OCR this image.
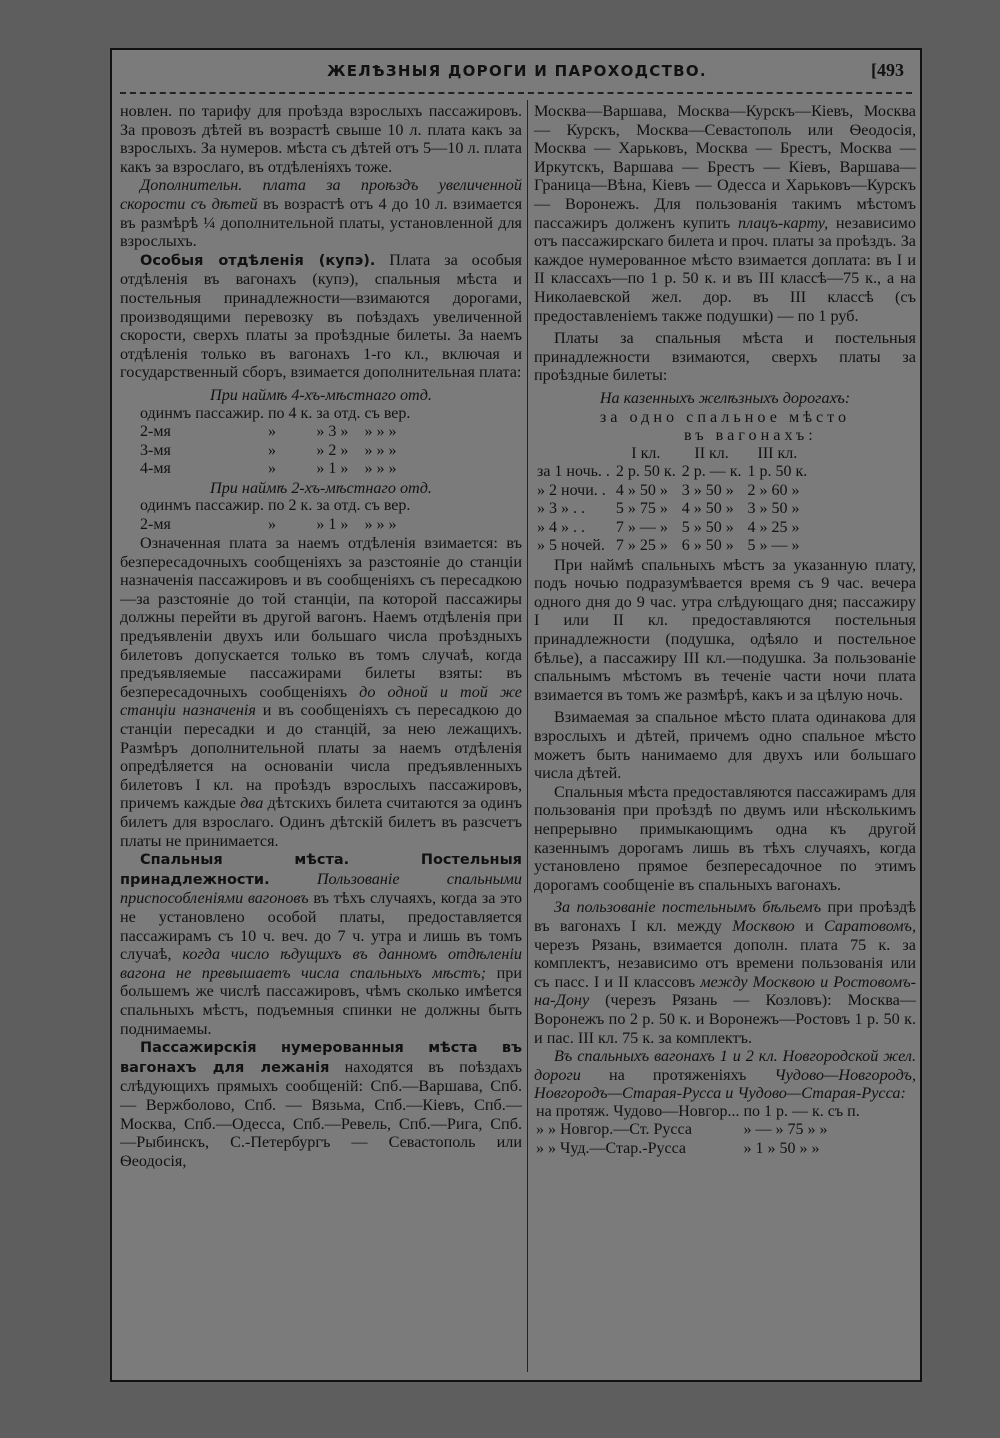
ЖЕЛѢЗНЫЯ ДОРОГИ И ПАРОХОДСТВО.	[493

новлен. по тарифу для проѣзда взрослыхъ пассажировъ. За провозъ дѣтей въ возрастѣ свыше 10 л. плата какъ за взрослыхъ. За нумеров. мѣста съ дѣтей отъ 5—10 л. плата какъ за взрослаго, въ отдѣленіяхъ тоже.

Дополнительн. плата за проѣздъ увеличенной скорости съ дѣтей въ возрастѣ отъ 4 до 10 л. взимается въ размѣрѣ ¼ дополнительной платы, установленной для взрослыхъ.

Особыя отдѣленія (купэ). Плата за особыя отдѣленія въ вагонахъ (купэ), спальныя мѣста и постельныя принадлежности—взимаются дорогами, производящими перевозку въ поѣздахъ увеличенной скорости, сверхъ платы за проѣздные билеты. За наемъ отдѣленія только въ вагонахъ 1-го кл., включая и государственный сборъ, взимается дополнительная плата:

При наймѣ 4-хъ-мѣстнаго отд.

одинмъ пассажир.	по 4 к.	за отд.	съ вер.
2-мя	»	» 3 »	» » »
3-мя	»	» 2 »	» » »
4-мя	»	» 1 »	» » »

При наймѣ 2-хъ-мѣстнаго отд.

одинмъ пассажир.	по 2 к.	за отд.	съ вер.
2-мя	»	» 1 »	» » »

Означенная плата за наемъ отдѣленія взимается: въ безпересадочныхъ сообщеніяхъ за разстояніе до станціи назначенія пассажировъ и въ сообщеніяхъ съ пересадкою—за разстояніе до той станціи, па которой пассажиры должны перейти въ другой вагонъ. Наемъ отдѣленія при предъявленіи двухъ или большаго числа проѣздныхъ билетовъ допускается только въ томъ случаѣ, когда предъявляемые пассажирами билеты взяты: въ безпересадочныхъ сообщеніяхъ до одной и той же станціи назначенія и въ сообщеніяхъ съ пересадкою до станціи пересадки и до станцій, за нею лежащихъ. Размѣръ дополнительной платы за наемъ отдѣленія опредѣляется на основаніи числа предъявленныхъ билетовъ I кл. на проѣздъ взрослыхъ пассажировъ, причемъ каждые два дѣтскихъ билета считаются за одинъ билетъ для взрослаго. Одинъ дѣтскій билетъ въ разсчетъ платы не принимается.

Спальныя мѣста. Постельныя принадлежности.	Пользованіе спальными приспособленіями вагоновъ въ тѣхъ случаяхъ, когда за это не установлено особой платы, предоставляется пассажирамъ съ 10 ч. веч. до 7 ч. утра и лишь въ томъ случаѣ, когда число ѣдущихъ въ данномъ отдѣленіи вагона не превышаетъ числа спальныхъ мѣстъ; при большемъ же числѣ пассажировъ, чѣмъ сколько имѣется спальныхъ мѣстъ, подъемныя спинки не должны быть поднимаемы.

Пассажирскія нумерованныя мѣста въ вагонахъ для лежанія находятся въ поѣздахъ слѣдующихъ прямыхъ сообщеній: Спб.—Варшава, Спб. — Вержболово, Спб. — Вязьма, Спб.—Кіевъ, Спб.—Москва, Спб.—Одесса, Спб.—Ревель, Спб.—Рига, Спб.—Рыбинскъ, С.-Петербургъ — Севастополь или Ѳеодосія,

Москва—Варшава, Москва—Курскъ—Кіевъ, Москва — Курскъ, Москва—Севастополь или Ѳеодосія, Москва — Харьковъ, Москва — Брестъ, Москва — Иркутскъ, Варшава — Брестъ — Кіевъ, Варшава—Граница—Вѣна, Кіевъ — Одесса и Харьковъ—Курскъ — Воронежъ. Для пользованія такимъ мѣстомъ пассажиръ долженъ купить плацъ-карту, независимо отъ пассажирскаго билета и проч. платы за проѣздъ. За каждое нумерованное мѣсто взимается доплата: въ I и II классахъ—по 1 р. 50 к. и въ III классѣ—75 к., а на Николаевской жел. дор. въ III классѣ (съ предоставленіемъ также подушки) — по 1 руб.

Платы за спальныя мѣста и постельныя принадлежности взимаются, сверхъ платы за проѣздные билеты:

На казенныхъ желѣзныхъ дорогахъ:

за одно спальное мѣсто

въ вагонахъ:

	I кл.	II кл.	III кл.
за 1 ночь. .	2 р. 50 к.	2 р. — к.	1 р. 50 к.
» 2 ночи. .	4 » 50 »	3 » 50 »	2 » 60 »
» 3 » . .	5 » 75 »	4 » 50 »	3 » 50 »
» 4 » . .	7 » — »	5 » 50 »	4 » 25 »
» 5 ночей.	7 » 25 »	6 » 50 »	5 » — »

При наймѣ спальныхъ мѣстъ за указанную плату, подъ ночью подразумѣвается время съ 9 час. вечера одного дня до 9 час. утра слѣдующаго дня; пассажиру I или II кл. предоставляются постельныя принадлежности (подушка, одѣяло и постельное бѣлье), а пассажиру III кл.—подушка. За пользованіе спальнымъ мѣстомъ въ теченіе части ночи плата взимается въ томъ же размѣрѣ, какъ и за цѣлую ночь.

Взимаемая за спальное мѣсто плата одинакова для взрослыхъ и дѣтей, причемъ одно спальное мѣсто можетъ быть нанимаемо для двухъ или большаго числа дѣтей.

Спальныя мѣста предоставляются пассажирамъ для пользованія при проѣздѣ по двумъ или нѣсколькимъ непрерывно примыкающимъ одна къ другой казеннымъ дорогамъ лишь въ тѣхъ случаяхъ, когда установлено прямое безпересадочное по этимъ дорогамъ сообщеніе въ спальныхъ вагонахъ.

За пользованіе постельнымъ бѣльемъ при проѣздѣ въ вагонахъ I кл. между Москвою и Саратовомъ, черезъ Рязань, взимается дополн. плата 75 к. за комплектъ, независимо отъ времени пользованія или съ пасс. I и II классовъ между Москвою и Ростовомъ-на-Дону (черезъ Рязань — Козловъ): Москва—Воронежъ по 2 р. 50 к. и Воронежъ—Ростовъ 1 р. 50 к. и пас. III кл. 75 к. за комплектъ.

Въ спальныхъ вагонахъ 1 и 2 кл. Новгородской жел. дороги на протяженіяхъ Чудово—Новгородъ, Новгородъ—Старая-Русса и Чудово—Старая-Русса:

на протяж. Чудово—Новгор...	по 1 р. — к. съ п.
» » Новгор.—Ст. Русса	» — » 75 » »
» » Чуд.—Стар.-Русса	» 1 » 50 » »
